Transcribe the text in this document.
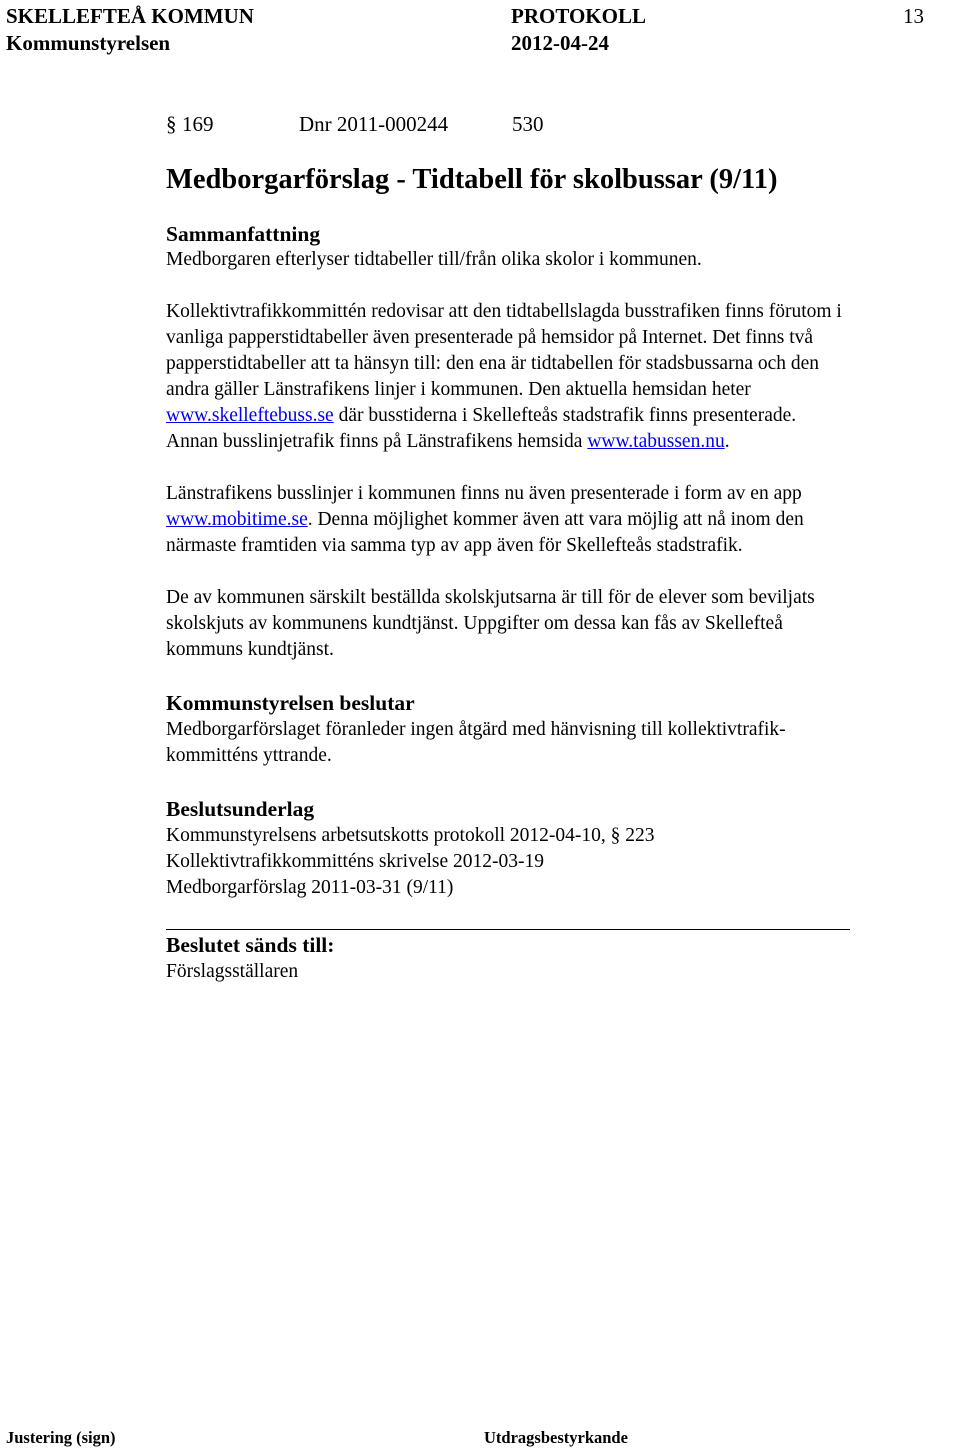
SKELLEFTEÅ KOMMUN	PROTOKOLL	13
Kommunstyrelsen	2012-04-24
§ 169	Dnr 2011-000244	530
Medborgarförslag - Tidtabell för skolbussar (9/11)
Sammanfattning
Medborgaren efterlyser tidtabeller till/från olika skolor i kommunen.
Kollektivtrafikkommittén redovisar att den tidtabellslagda busstrafiken finns förutom i
vanliga papperstidtabeller även presenterade på hemsidor på Internet. Det finns två
papperstidtabeller att ta hänsyn till: den ena är tidtabellen för stadsbussarna och den
andra gäller Länstrafikens linjer i kommunen. Den aktuella hemsidan heter
www.skelleftebuss.se där busstiderna i Skellefteås stadstrafik finns presenterade.
Annan busslinjetrafik finns på Länstrafikens hemsida www.tabussen.nu.
Länstrafikens busslinjer i kommunen finns nu även presenterade i form av en app
www.mobitime.se. Denna möjlighet kommer även att vara möjlig att nå inom den
närmaste framtiden via samma typ av app även för Skellefteås stadstrafik.
De av kommunen särskilt beställda skolskjutsarna är till för de elever som beviljats
skolskjuts av kommunens kundtjänst. Uppgifter om dessa kan fås av Skellefteå
kommuns kundtjänst.
Kommunstyrelsen beslutar
Medborgarförslaget föranleder ingen åtgärd med hänvisning till kollektivtrafik-
kommitténs yttrande.
Beslutsunderlag
Kommunstyrelsens arbetsutskotts protokoll 2012-04-10, § 223
Kollektivtrafikkommitténs skrivelse 2012-03-19
Medborgarförslag 2011-03-31 (9/11)
Beslutet sänds till:
Förslagsställaren
Justering (sign)	Utdragsbestyrkande
